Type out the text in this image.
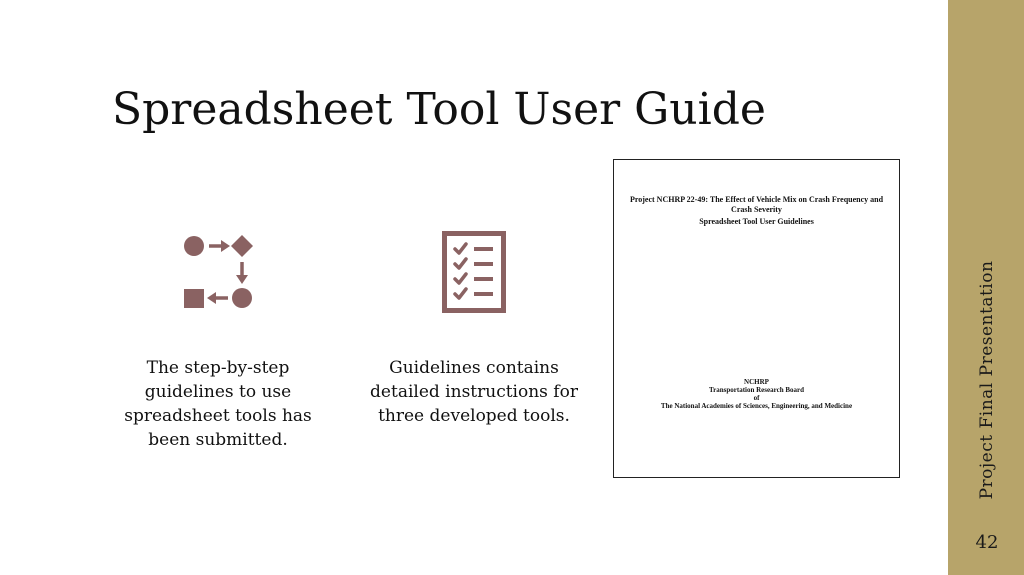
Project Final Presentation
42
Spreadsheet Tool User Guide
The step-by-step guidelines to use spreadsheet tools has been submitted.
Guidelines contains detailed instructions for three developed tools.
Project NCHRP 22-49: The Effect of Vehicle Mix on Crash Frequency and Crash Severity
Spreadsheet Tool User Guidelines
NCHRP
Transportation Research Board
of
The National Academies of Sciences, Engineering, and Medicine
